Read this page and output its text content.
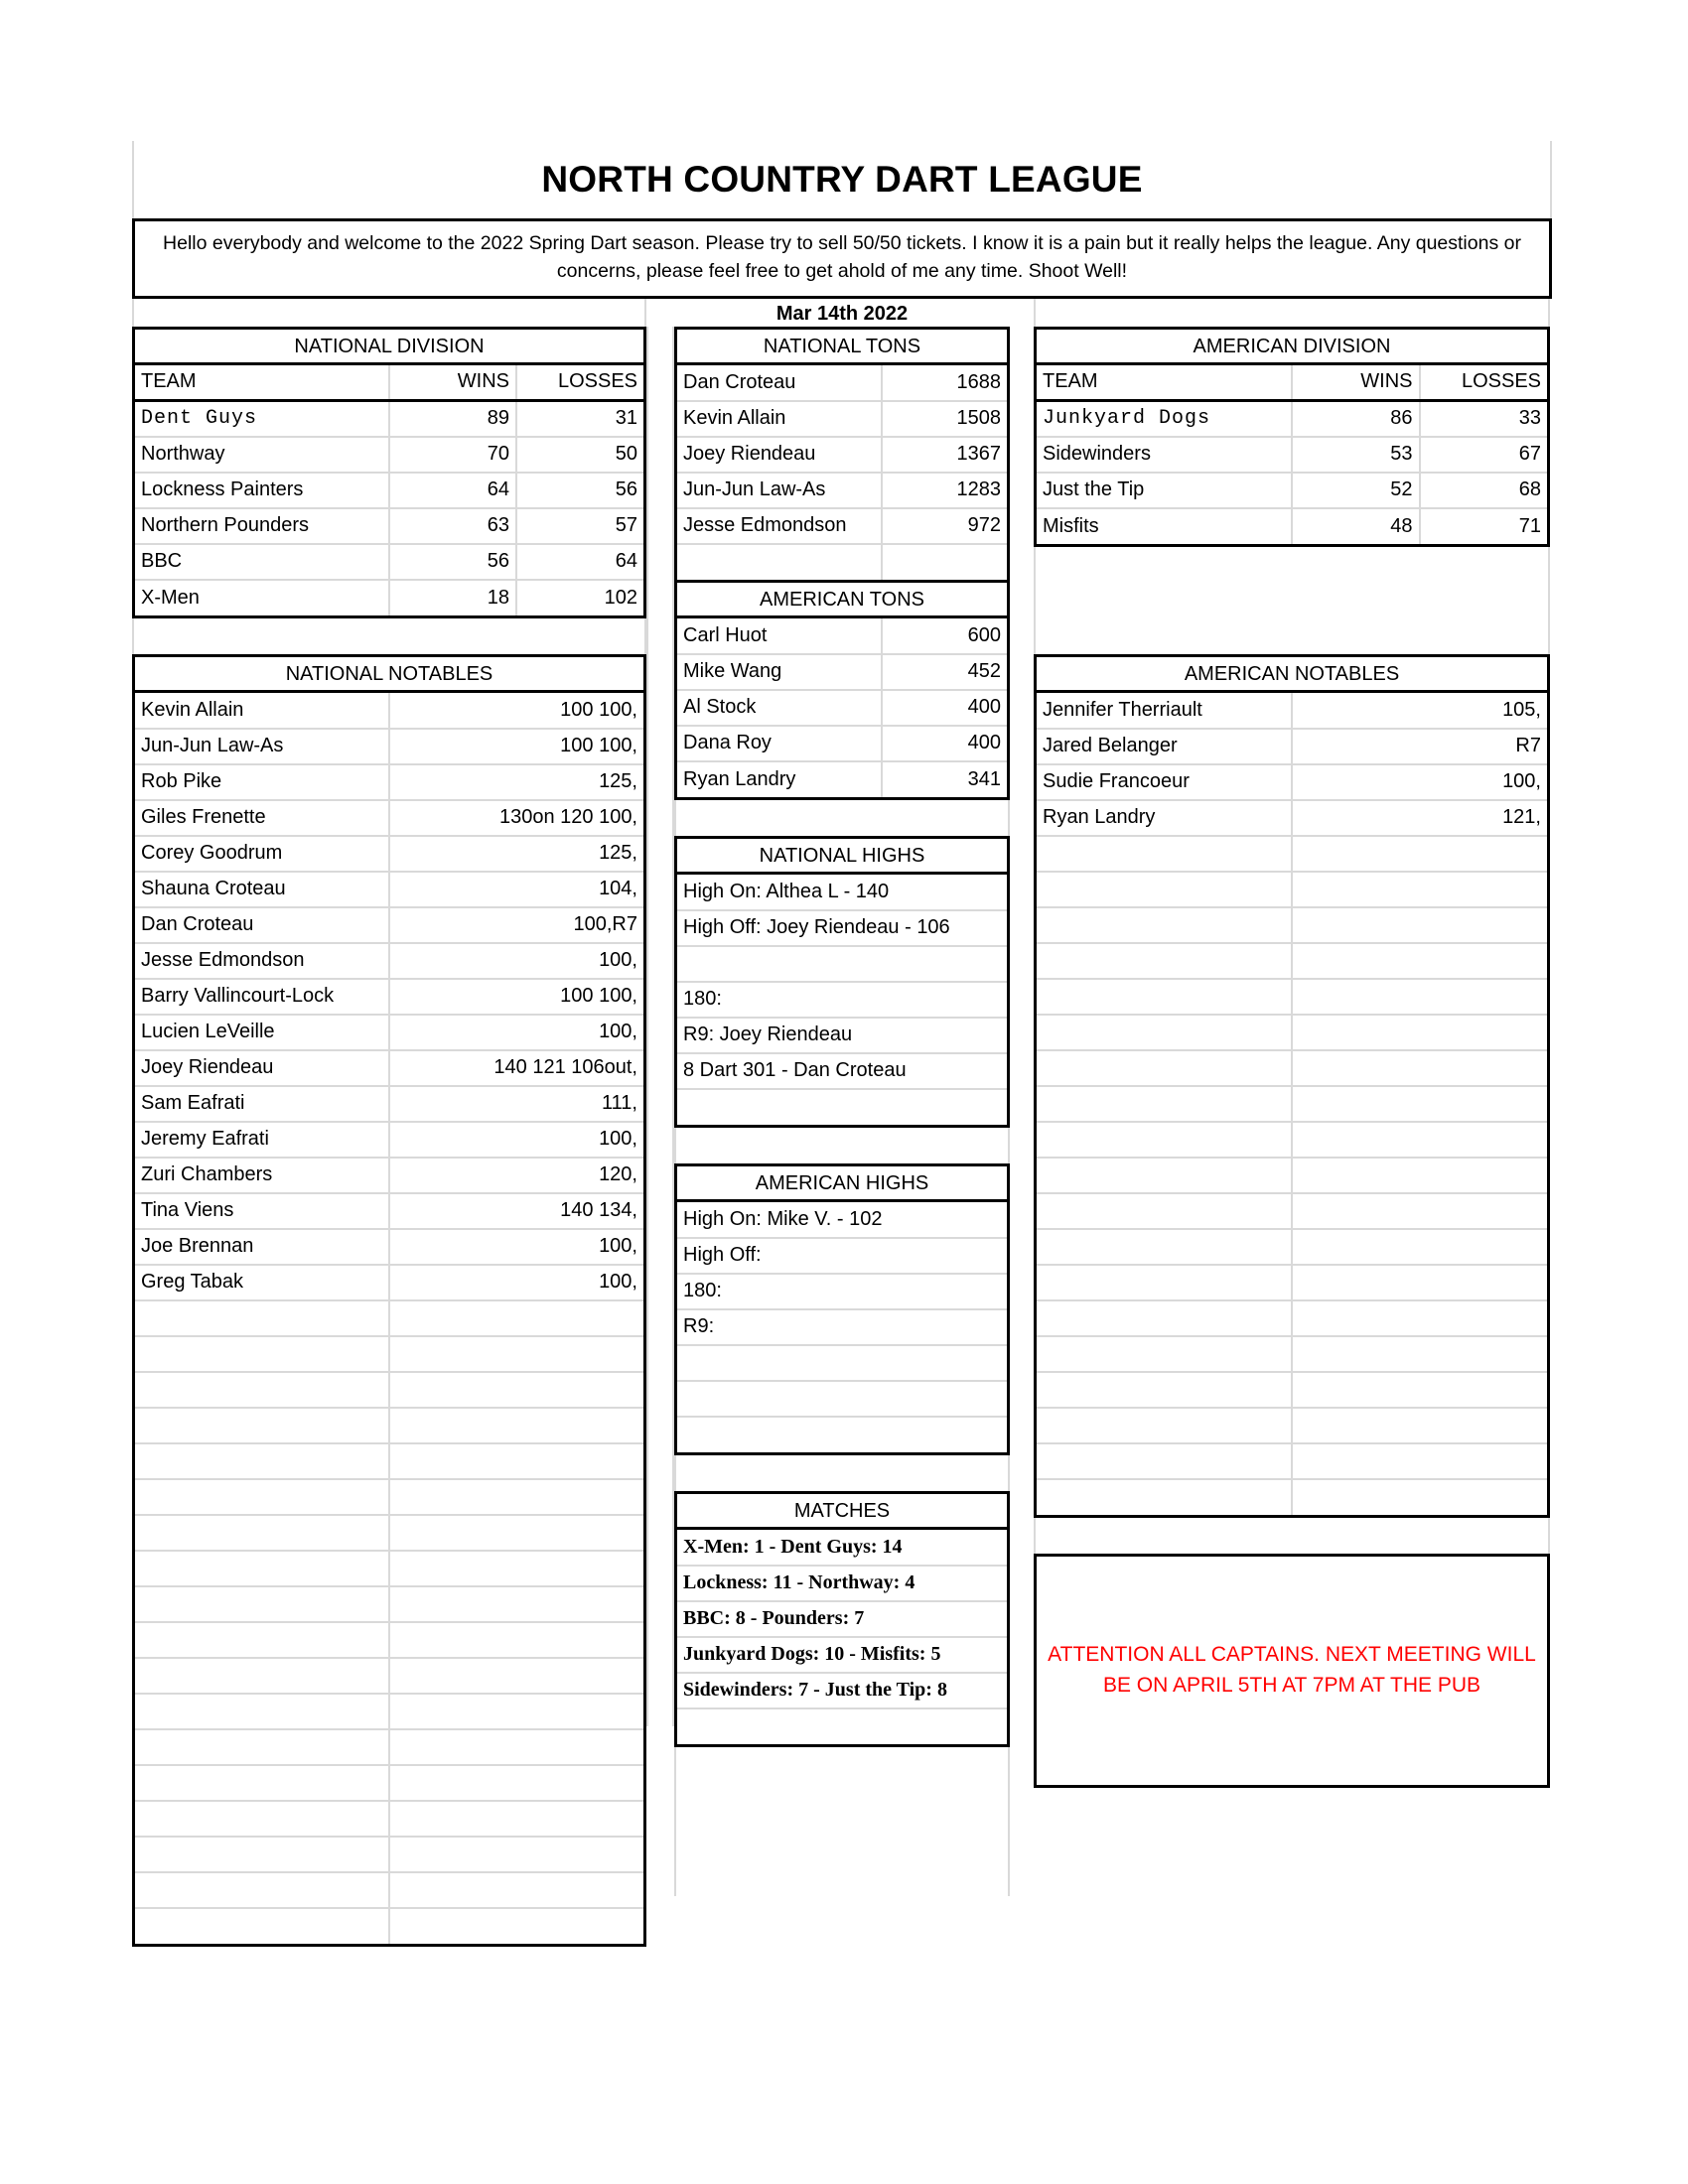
NORTH COUNTRY DART LEAGUE
Hello everybody and welcome to the 2022 Spring Dart season. Please try to sell 50/50 tickets. I know it is a pain but it really helps the league. Any questions or concerns, please feel free to get ahold of me any time. Shoot Well!
Mar 14th 2022
NATIONAL DIVISION
TEAM	WINS	LOSSES
Dent Guys	89	31
Northway	70	50
Lockness Painters	64	56
Northern Pounders	63	57
BBC	56	64
X-Men	18	102
NATIONAL NOTABLES
Kevin Allain	100 100,
Jun-Jun Law-As	100 100,
Rob Pike	125,
Giles Frenette	130on 120 100,
Corey Goodrum	125,
Shauna Croteau	104,
Dan Croteau	100,R7
Jesse Edmondson	100,
Barry Vallincourt-Lock	100 100,
Lucien LeVeille	100,
Joey Riendeau	140 121 106out,
Sam Eafrati	111,
Jeremy Eafrati	100,
Zuri Chambers	120,
Tina Viens	140 134,
Joe Brennan	100,
Greg Tabak	100,

NATIONAL TONS
Dan Croteau	1688
Kevin Allain	1508
Joey Riendeau	1367
Jun-Jun Law-As	1283
Jesse Edmondson	972

AMERICAN TONS
Carl Huot	600
Mike Wang	452
Al Stock	400
Dana Roy	400
Ryan Landry	341
NATIONAL HIGHS
High On: Althea L - 140
High Off: Joey Riendeau - 106

180:
R9: Joey Riendeau
8 Dart 301 - Dan Croteau

AMERICAN HIGHS
High On: Mike V. - 102
High Off:
180:
R9:

MATCHES
X-Men: 1 - Dent Guys: 14
Lockness: 11 - Northway: 4
BBC: 8 - Pounders: 7
Junkyard Dogs: 10 - Misfits: 5
Sidewinders: 7 - Just the Tip: 8

AMERICAN DIVISION
TEAM	WINS	LOSSES
Junkyard Dogs	86	33
Sidewinders	53	67
Just the Tip	52	68
Misfits	48	71
AMERICAN NOTABLES
Jennifer Therriault	105,
Jared Belanger	R7
Sudie Francoeur	100,
Ryan Landry	121,

ATTENTION ALL CAPTAINS. NEXT MEETING WILL BE ON APRIL 5TH AT 7PM AT THE PUB
